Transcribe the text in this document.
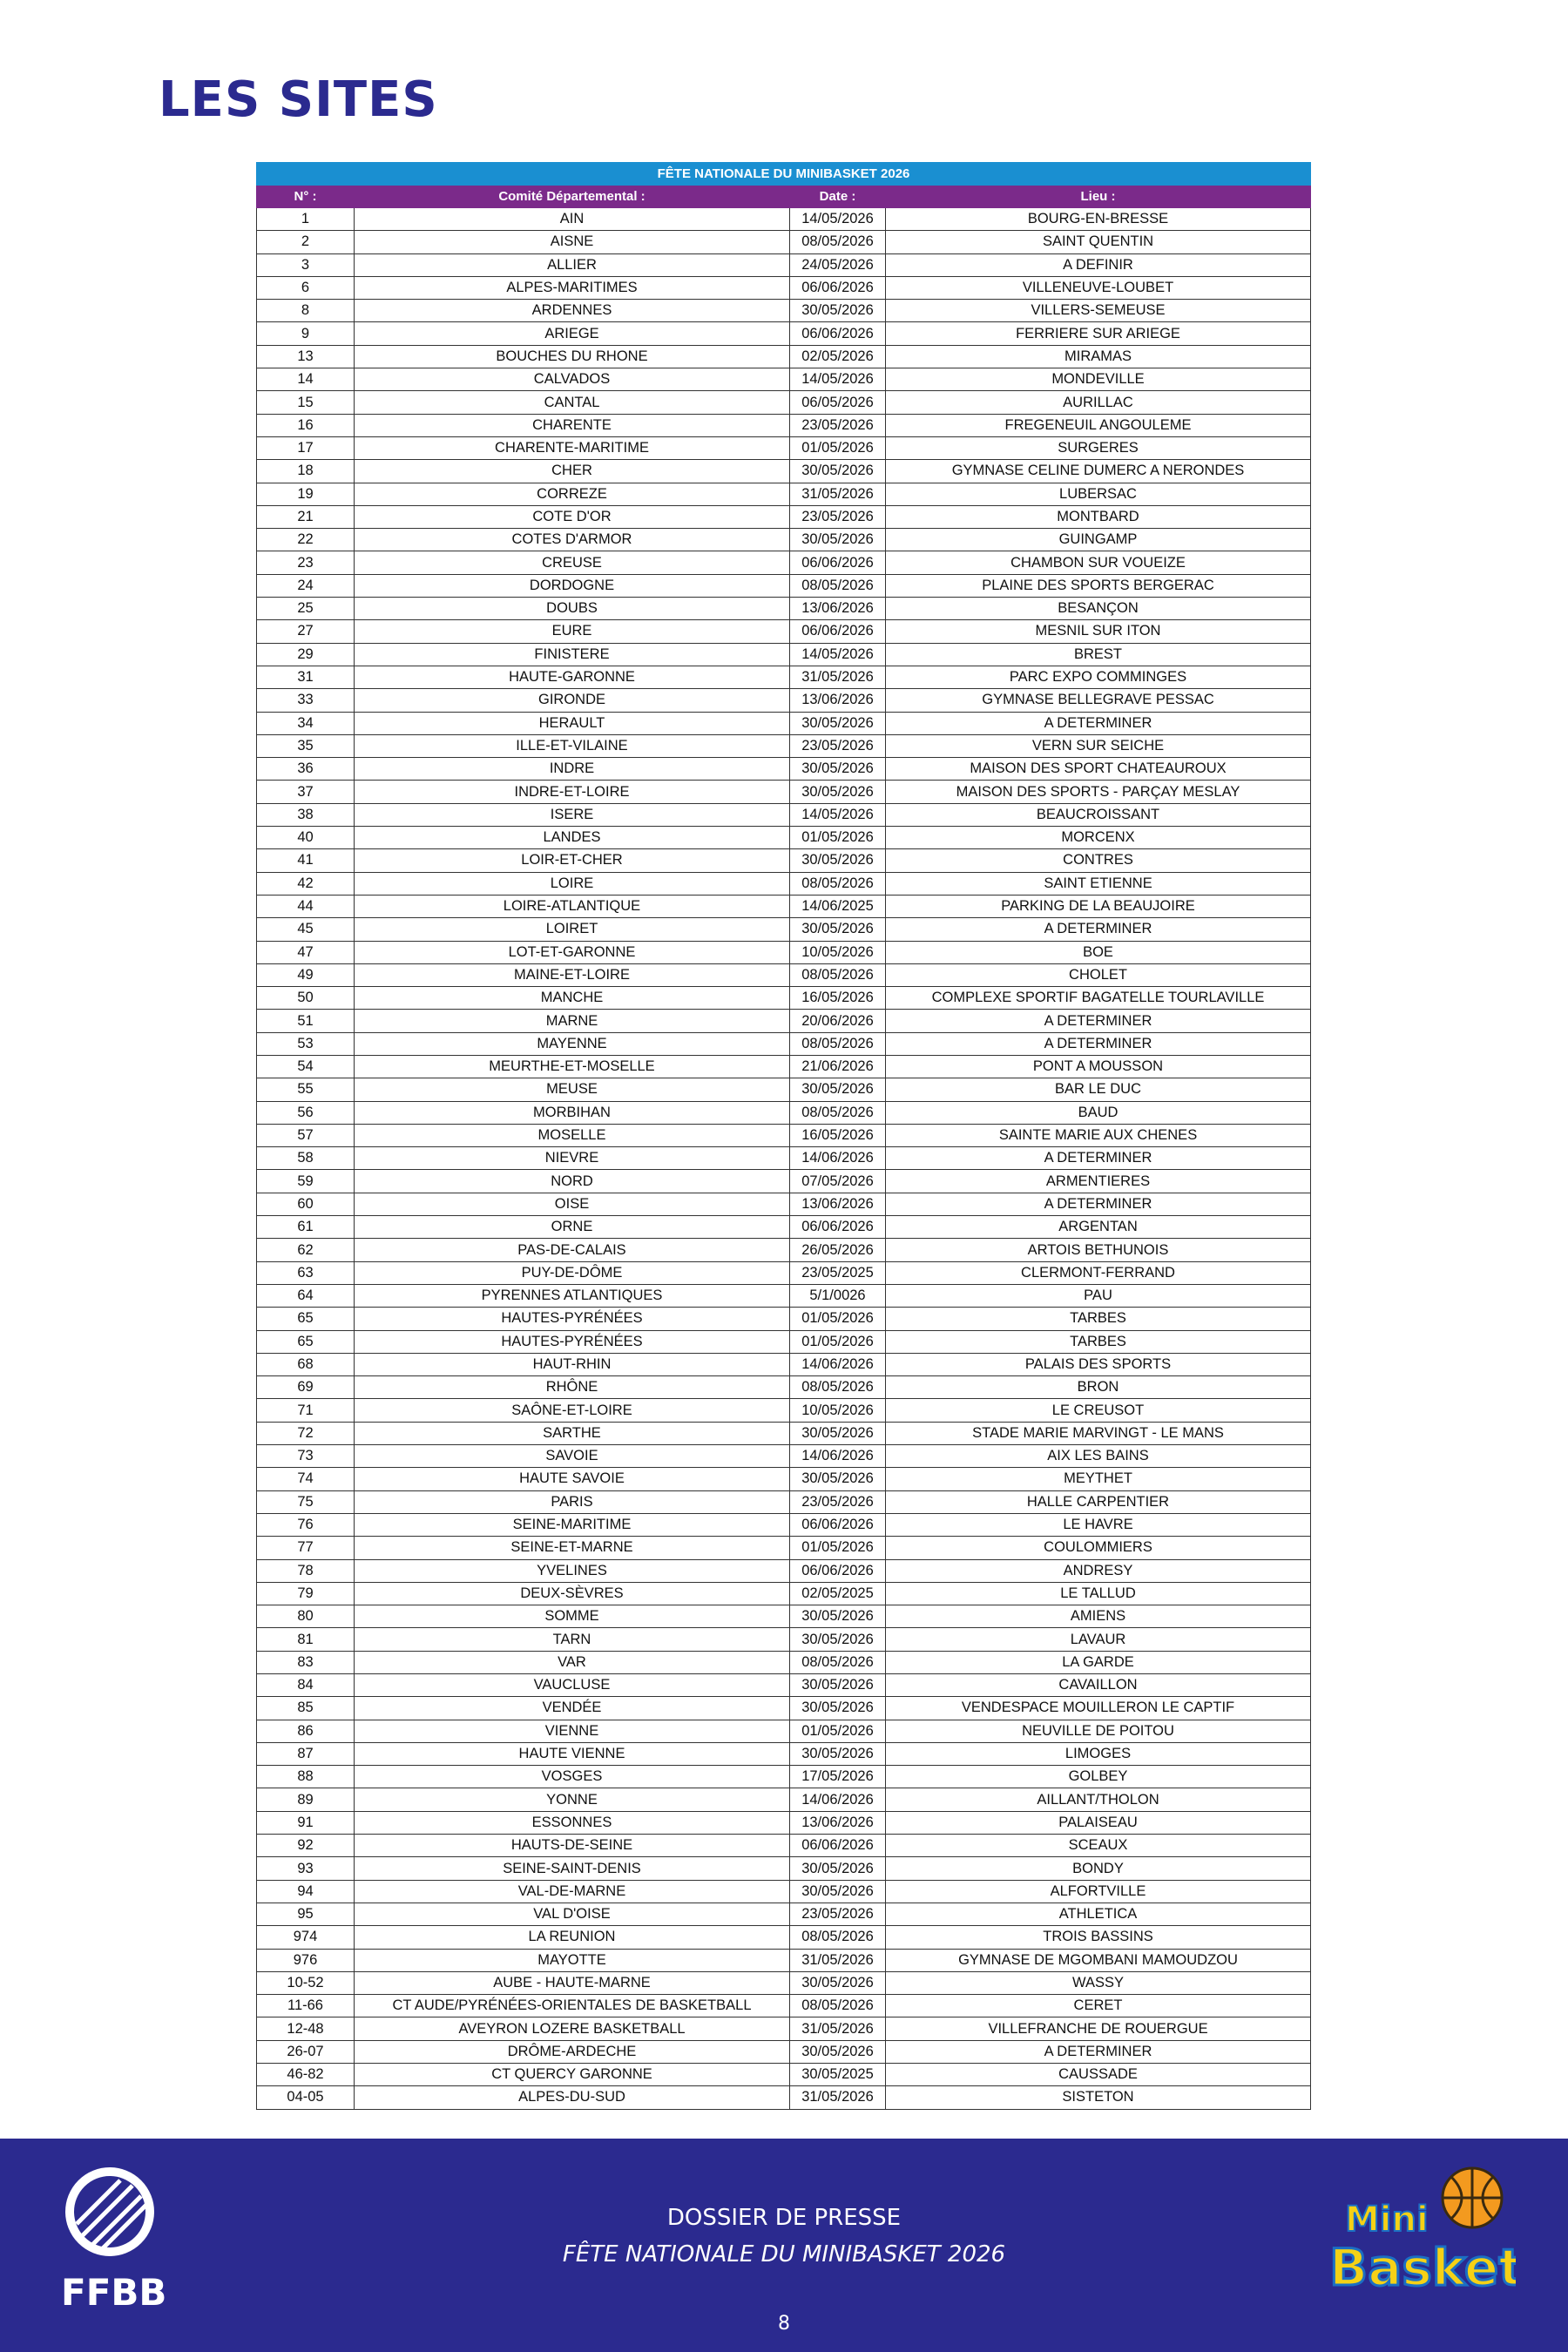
LES SITES
FÊTE NATIONALE DU MINIBASKET 2026			
N° :	Comité Départemental :	Date :	Lieu :
1	AIN	14/05/2026	BOURG-EN-BRESSE
2	AISNE	08/05/2026	SAINT QUENTIN
3	ALLIER	24/05/2026	A DEFINIR
6	ALPES-MARITIMES	06/06/2026	VILLENEUVE-LOUBET
8	ARDENNES	30/05/2026	VILLERS-SEMEUSE
9	ARIEGE	06/06/2026	FERRIERE SUR ARIEGE
13	BOUCHES DU RHONE	02/05/2026	MIRAMAS
14	CALVADOS	14/05/2026	MONDEVILLE
15	CANTAL	06/05/2026	AURILLAC
16	CHARENTE	23/05/2026	FREGENEUIL ANGOULEME
17	CHARENTE-MARITIME	01/05/2026	SURGERES
18	CHER	30/05/2026	GYMNASE CELINE DUMERC A NERONDES
19	CORREZE	31/05/2026	LUBERSAC
21	COTE D'OR	23/05/2026	MONTBARD
22	COTES D'ARMOR	30/05/2026	GUINGAMP
23	CREUSE	06/06/2026	CHAMBON SUR VOUEIZE
24	DORDOGNE	08/05/2026	PLAINE DES SPORTS BERGERAC
25	DOUBS	13/06/2026	BESANÇON
27	EURE	06/06/2026	MESNIL SUR ITON
29	FINISTERE	14/05/2026	BREST
31	HAUTE-GARONNE	31/05/2026	PARC EXPO COMMINGES
33	GIRONDE	13/06/2026	GYMNASE BELLEGRAVE PESSAC
34	HERAULT	30/05/2026	A DETERMINER
35	ILLE-ET-VILAINE	23/05/2026	VERN SUR SEICHE
36	INDRE	30/05/2026	MAISON DES SPORT CHATEAUROUX
37	INDRE-ET-LOIRE	30/05/2026	MAISON DES SPORTS - PARÇAY MESLAY
38	ISERE	14/05/2026	BEAUCROISSANT
40	LANDES	01/05/2026	MORCENX
41	LOIR-ET-CHER	30/05/2026	CONTRES
42	LOIRE	08/05/2026	SAINT ETIENNE
44	LOIRE-ATLANTIQUE	14/06/2025	PARKING DE LA BEAUJOIRE
45	LOIRET	30/05/2026	A DETERMINER
47	LOT-ET-GARONNE	10/05/2026	BOE
49	MAINE-ET-LOIRE	08/05/2026	CHOLET
50	MANCHE	16/05/2026	COMPLEXE SPORTIF BAGATELLE TOURLAVILLE
51	MARNE	20/06/2026	A DETERMINER
53	MAYENNE	08/05/2026	A DETERMINER
54	MEURTHE-ET-MOSELLE	21/06/2026	PONT A MOUSSON
55	MEUSE	30/05/2026	BAR LE DUC
56	MORBIHAN	08/05/2026	BAUD
57	MOSELLE	16/05/2026	SAINTE MARIE AUX CHENES
58	NIEVRE	14/06/2026	A DETERMINER
59	NORD	07/05/2026	ARMENTIERES
60	OISE	13/06/2026	A DETERMINER
61	ORNE	06/06/2026	ARGENTAN
62	PAS-DE-CALAIS	26/05/2026	ARTOIS BETHUNOIS
63	PUY-DE-DÔME	23/05/2025	CLERMONT-FERRAND
64	PYRENNES ATLANTIQUES	5/1/0026	PAU
65	HAUTES-PYRÉNÉES	01/05/2026	TARBES
65	HAUTES-PYRÉNÉES	01/05/2026	TARBES
68	HAUT-RHIN	14/06/2026	PALAIS DES SPORTS
69	RHÔNE	08/05/2026	BRON
71	SAÔNE-ET-LOIRE	10/05/2026	LE CREUSOT
72	SARTHE	30/05/2026	STADE MARIE MARVINGT - LE MANS
73	SAVOIE	14/06/2026	AIX LES BAINS
74	HAUTE SAVOIE	30/05/2026	MEYTHET
75	PARIS	23/05/2026	HALLE CARPENTIER
76	SEINE-MARITIME	06/06/2026	LE HAVRE
77	SEINE-ET-MARNE	01/05/2026	COULOMMIERS
78	YVELINES	06/06/2026	ANDRESY
79	DEUX-SÈVRES	02/05/2025	LE TALLUD
80	SOMME	30/05/2026	AMIENS
81	TARN	30/05/2026	LAVAUR
83	VAR	08/05/2026	LA GARDE
84	VAUCLUSE	30/05/2026	CAVAILLON
85	VENDÉE	30/05/2026	VENDESPACE MOUILLERON LE CAPTIF
86	VIENNE	01/05/2026	NEUVILLE DE POITOU
87	HAUTE VIENNE	30/05/2026	LIMOGES
88	VOSGES	17/05/2026	GOLBEY
89	YONNE	14/06/2026	AILLANT/THOLON
91	ESSONNES	13/06/2026	PALAISEAU
92	HAUTS-DE-SEINE	06/06/2026	SCEAUX
93	SEINE-SAINT-DENIS	30/05/2026	BONDY
94	VAL-DE-MARNE	30/05/2026	ALFORTVILLE
95	VAL D'OISE	23/05/2026	ATHLETICA
974	LA REUNION	08/05/2026	TROIS BASSINS
976	MAYOTTE	31/05/2026	GYMNASE DE MGOMBANI MAMOUDZOU
10-52	AUBE - HAUTE-MARNE	30/05/2026	WASSY
11-66	CT AUDE/PYRÉNÉES-ORIENTALES DE BASKETBALL	08/05/2026	CERET
12-48	AVEYRON LOZERE BASKETBALL	31/05/2026	VILLEFRANCHE DE ROUERGUE
26-07	DRÔME-ARDECHE	30/05/2026	A DETERMINER
46-82	CT QUERCY GARONNE	30/05/2025	CAUSSADE
04-05	ALPES-DU-SUD	31/05/2026	SISTETON
FFBB
DOSSIER DE PRESSE
FÊTE NATIONALE DU MINIBASKET 2026
8
Mini
Basket
